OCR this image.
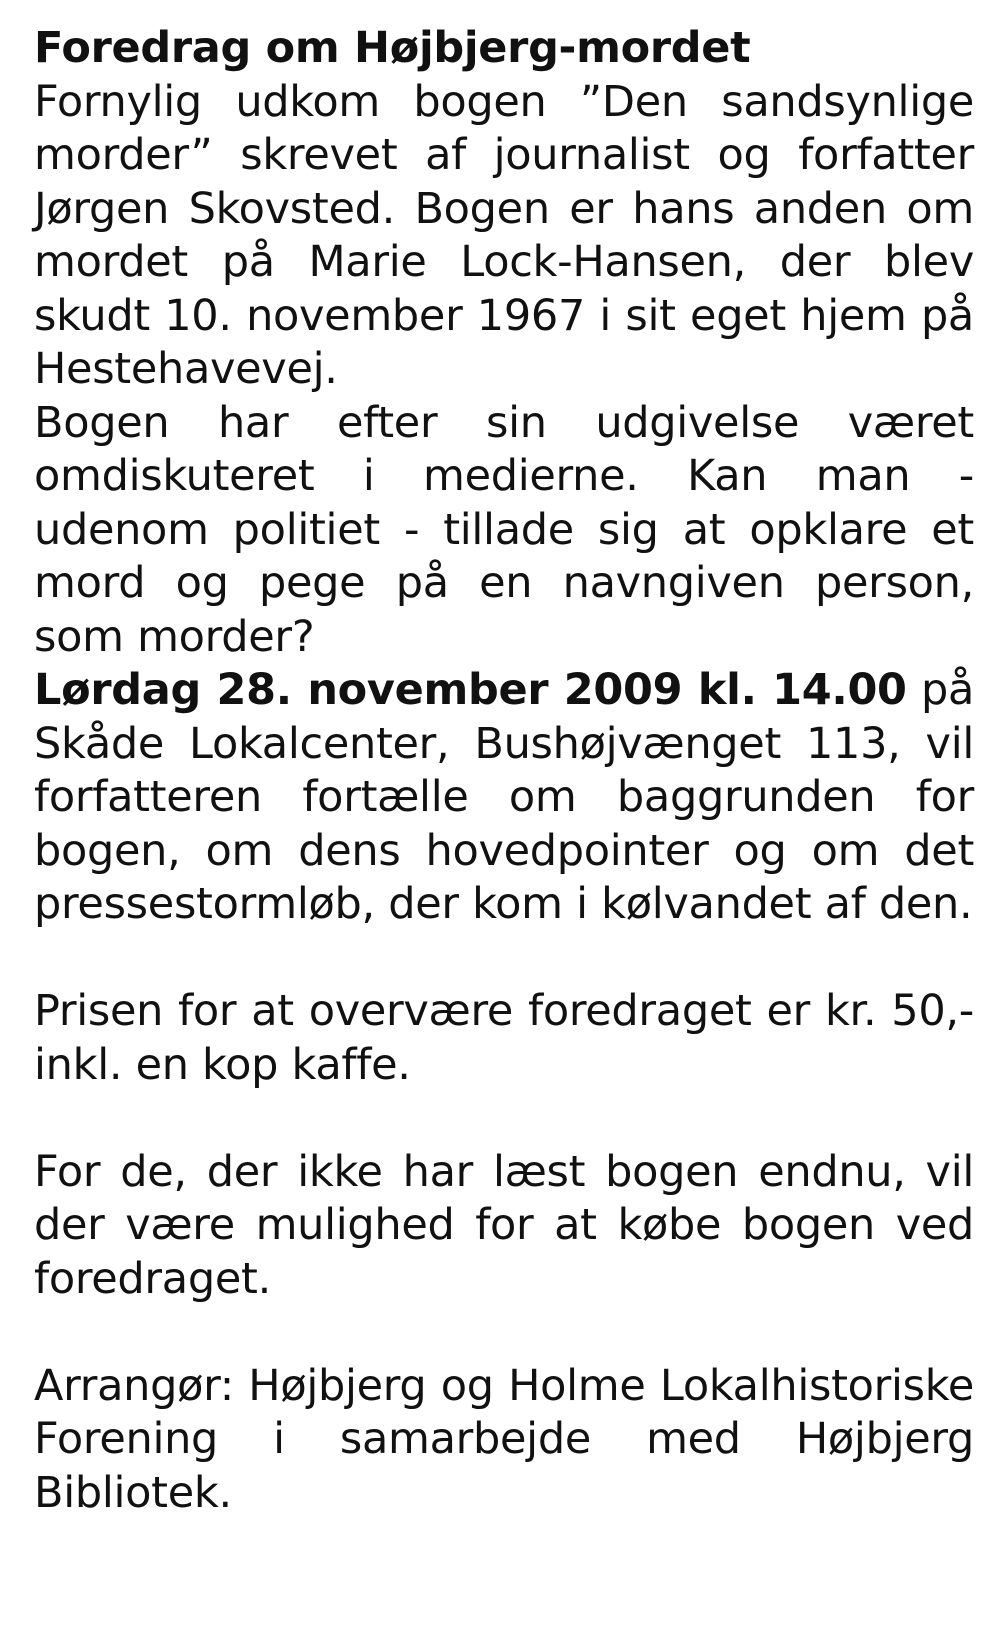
Foredrag om Højbjerg-mordet

Fornylig udkom bogen ”Den sandsynlige morder” skrevet af journalist og forfatter Jørgen Skovsted. Bogen er hans anden om mordet på Marie Lock-Hansen, der blev skudt 10. november 1967 i sit eget hjem på Hestehavevej.

Bogen har efter sin udgivelse været omdiskuteret i medierne. Kan man - udenom politiet - tillade sig at opklare et mord og pege på en navngiven person, som morder?

Lørdag 28. november 2009 kl. 14.00 på Skåde Lokalcenter, Bushøjvænget 113, vil forfatteren fortælle om baggrunden for bogen, om dens hovedpointer og om det pressestormløb, der kom i kølvandet af den.

Prisen for at overvære foredraget er kr. 50,- inkl. en kop kaffe.

For de, der ikke har læst bogen endnu, vil der være mulighed for at købe bogen ved foredraget.

Arrangør: Højbjerg og Holme Lokalhistoriske Forening i samarbejde med Højbjerg Bibliotek.
